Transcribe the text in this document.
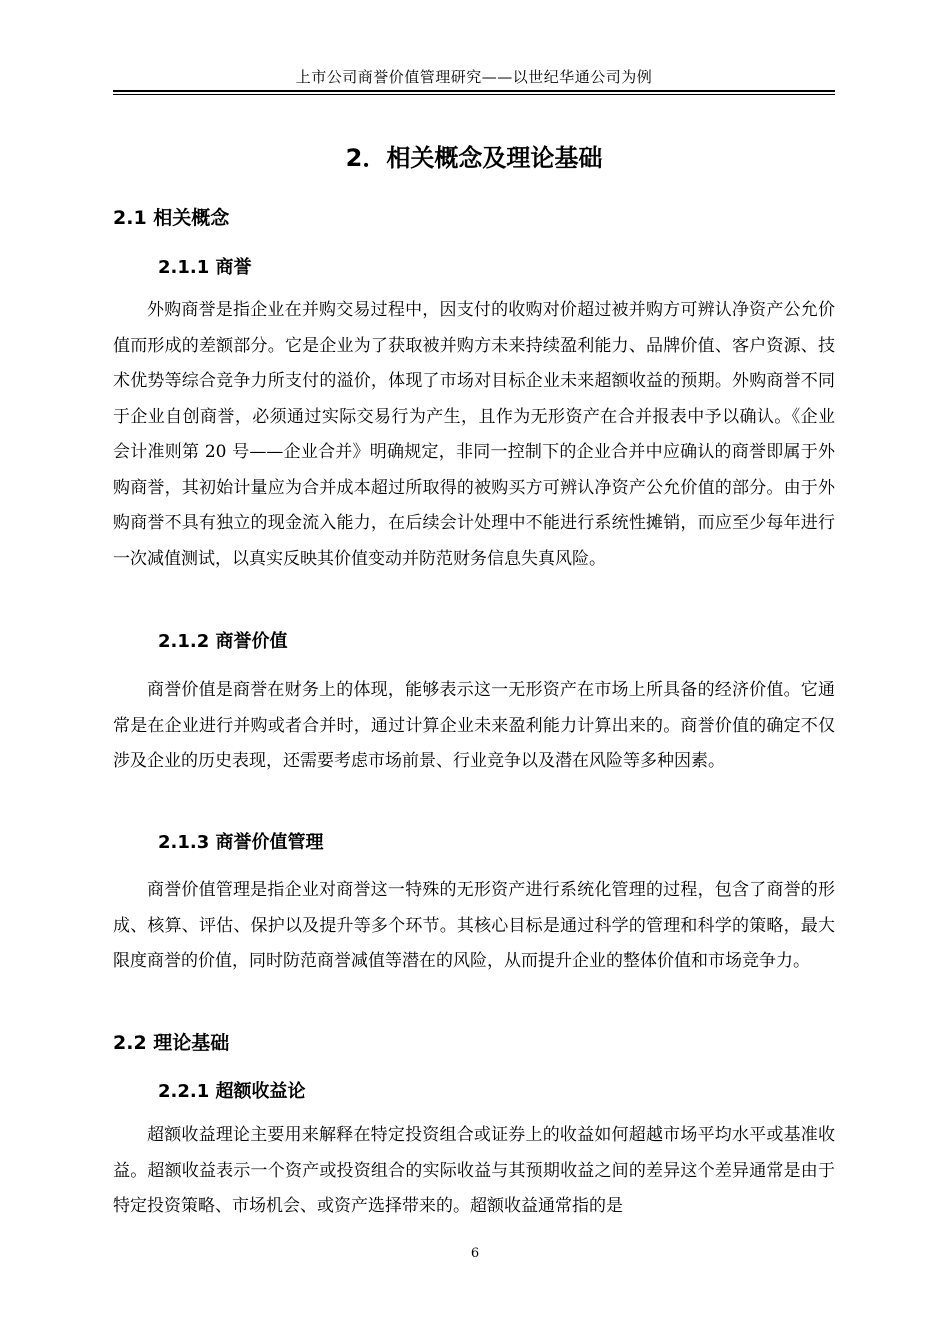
上市公司商誉价值管理研究——以世纪华通公司为例
2．相关概念及理论基础
2.1 相关概念
2.1.1 商誉

外购商誉是指企业在并购交易过程中，因支付的收购对价超过被并购方可辨认净资产公允价值而形成的差额部分。它是企业为了获取被并购方未来持续盈利能力、品牌价值、客户资源、技术优势等综合竞争力所支付的溢价，体现了市场对目标企业未来超额收益的预期。外购商誉不同于企业自创商誉，必须通过实际交易行为产生，且作为无形资产在合并报表中予以确认。《企业会计准则第 20 号——企业合并》明确规定，非同一控制下的企业合并中应确认的商誉即属于外购商誉，其初始计量应为合并成本超过所取得的被购买方可辨认净资产公允价值的部分。由于外购商誉不具有独立的现金流入能力，在后续会计处理中不能进行系统性摊销，而应至少每年进行一次减值测试，以真实反映其价值变动并防范财务信息失真风险。

2.1.2 商誉价值

商誉价值是商誉在财务上的体现，能够表示这一无形资产在市场上所具备的经济价值。它通常是在企业进行并购或者合并时，通过计算企业未来盈利能力计算出来的。商誉价值的确定不仅涉及企业的历史表现，还需要考虑市场前景、行业竞争以及潜在风险等多种因素。

2.1.3 商誉价值管理

商誉价值管理是指企业对商誉这一特殊的无形资产进行系统化管理的过程，包含了商誉的形成、核算、评估、保护以及提升等多个环节。其核心目标是通过科学的管理和科学的策略，最大限度商誉的价值，同时防范商誉减值等潜在的风险，从而提升企业的整体价值和市场竞争力。

2.2 理论基础
2.2.1 超额收益论

超额收益理论主要用来解释在特定投资组合或证券上的收益如何超越市场平均水平或基准收益。超额收益表示一个资产或投资组合的实际收益与其预期收益之间的差异这个差异通常是由于特定投资策略、市场机会、或资产选择带来的。超额收益通常指的是

6
